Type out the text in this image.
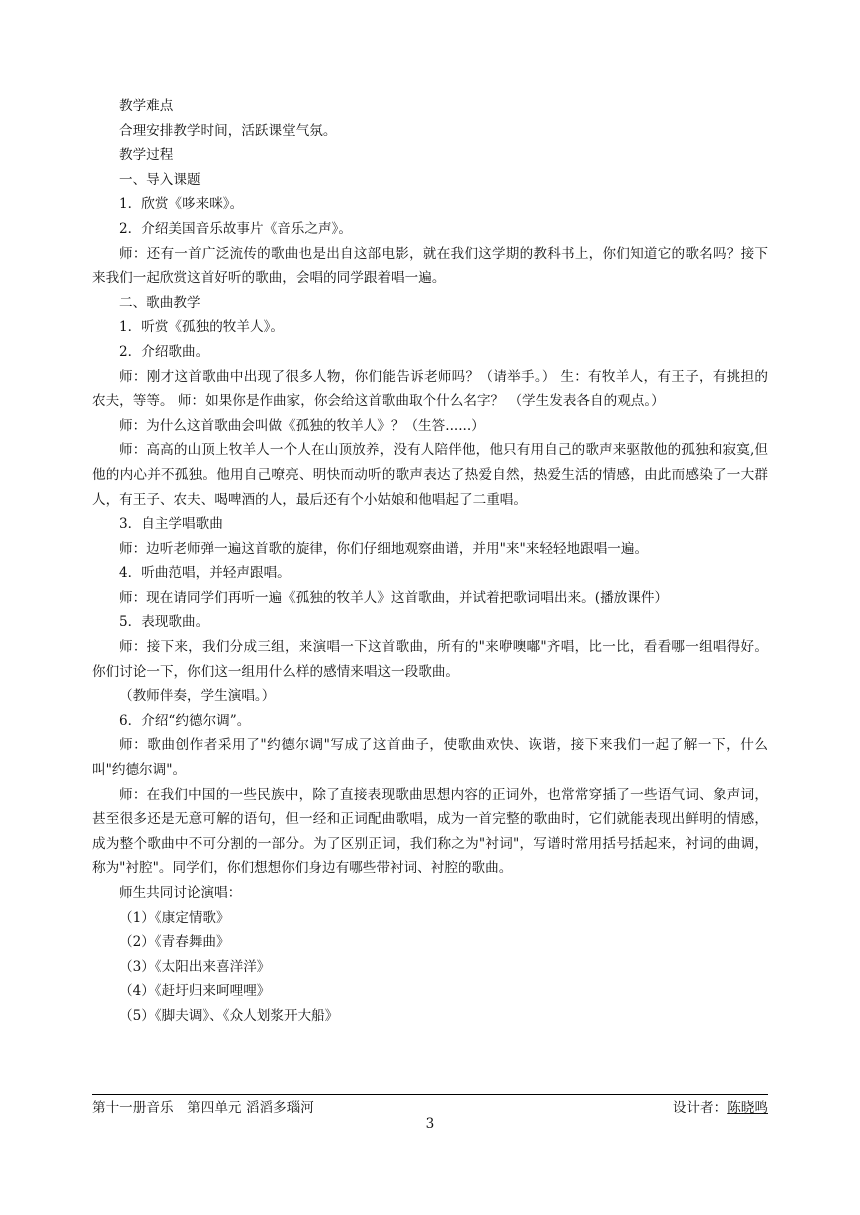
教学难点

合理安排教学时间，活跃课堂气氛。

教学过程

一、导入课题

1．欣赏《哆来咪》。

2．介绍美国音乐故事片《音乐之声》。

师：还有一首广泛流传的歌曲也是出自这部电影，就在我们这学期的教科书上，你们知道它的歌名吗？接下来我们一起欣赏这首好听的歌曲，会唱的同学跟着唱一遍。

二、歌曲教学

1．听赏《孤独的牧羊人》。

2．介绍歌曲。

师：刚才这首歌曲中出现了很多人物，你们能告诉老师吗？（请举手。） 生：有牧羊人，有王子，有挑担的农夫，等等。 师：如果你是作曲家，你会给这首歌曲取个什么名字？ （学生发表各自的观点。）

师：为什么这首歌曲会叫做《孤独的牧羊人》？（生答......）

师：高高的山顶上牧羊人一个人在山顶放养，没有人陪伴他，他只有用自己的歌声来驱散他的孤独和寂寞,但他的内心并不孤独。他用自己嘹亮、明快而动听的歌声表达了热爱自然，热爱生活的情感，由此而感染了一大群人，有王子、农夫、喝啤酒的人，最后还有个小姑娘和他唱起了二重唱。

3．自主学唱歌曲

师：边听老师弹一遍这首歌的旋律，你们仔细地观察曲谱，并用"来"来轻轻地跟唱一遍。

4．听曲范唱，并轻声跟唱。

师：现在请同学们再听一遍《孤独的牧羊人》这首歌曲，并试着把歌词唱出来。(播放课件）

5．表现歌曲。

师：接下来，我们分成三组，来演唱一下这首歌曲，所有的"来咿噢嘟"齐唱，比一比，看看哪一组唱得好。你们讨论一下，你们这一组用什么样的感情来唱这一段歌曲。

（教师伴奏，学生演唱。）

6．介绍“约德尔调”。

师：歌曲创作者采用了"约德尔调"写成了这首曲子，使歌曲欢快、诙谐，接下来我们一起了解一下，什么叫"约德尔调"。

师：在我们中国的一些民族中，除了直接表现歌曲思想内容的正词外，也常常穿插了一些语气词、象声词，甚至很多还是无意可解的语句，但一经和正词配曲歌唱，成为一首完整的歌曲时，它们就能表现出鲜明的情感，成为整个歌曲中不可分割的一部分。为了区别正词，我们称之为"衬词"，写谱时常用括号括起来，衬词的曲调，称为"衬腔"。同学们，你们想想你们身边有哪些带衬词、衬腔的歌曲。

师生共同讨论演唱：

（1）《康定情歌》

（2）《青春舞曲》

（3）《太阳出来喜洋洋》

（4）《赶圩归来呵哩哩》

（5）《脚夫调》、《众人划浆开大船》

第十一册音乐　第四单元 滔滔多瑙河	设计者：陈晓鸣
3
